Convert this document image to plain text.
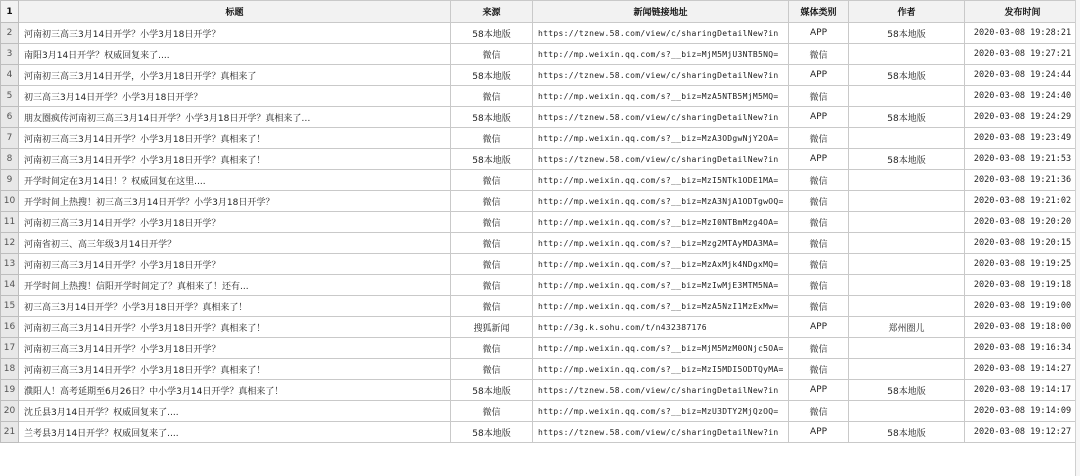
1	标题	来源	新闻链接地址	媒体类别	作者	发布时间
2	河南初三高三3月14日开学？小学3月18日开学？	58本地版	https://tznew.58.com/view/c/sharingDetailNew?in	APP	58本地版	2020-03-08 19:28:21
3	南阳3月14日开学？权威回复来了....	微信	http://mp.weixin.qq.com/s?__biz=MjM5MjU3NTB5NQ=	微信		2020-03-08 19:27:21
4	河南初三高三3月14日开学，小学3月18日开学？真相来了	58本地版	https://tznew.58.com/view/c/sharingDetailNew?in	APP	58本地版	2020-03-08 19:24:44
5	初三高三3月14日开学？小学3月18日开学？	微信	http://mp.weixin.qq.com/s?__biz=MzA5NTB5MjM5MQ=	微信		2020-03-08 19:24:40
6	朋友圈疯传河南初三高三3月14日开学？小学3月18日开学？真相来了…	58本地版	https://tznew.58.com/view/c/sharingDetailNew?in	APP	58本地版	2020-03-08 19:24:29
7	河南初三高三3月14日开学？小学3月18日开学？真相来了！	微信	http://mp.weixin.qq.com/s?__biz=MzA3ODgwNjY2OA=	微信		2020-03-08 19:23:49
8	河南初三高三3月14日开学？小学3月18日开学？真相来了！	58本地版	https://tznew.58.com/view/c/sharingDetailNew?in	APP	58本地版	2020-03-08 19:21:53
9	开学时间定在3月14日！？权威回复在这里....	微信	http://mp.weixin.qq.com/s?__biz=MzI5NTk1ODE1MA=	微信		2020-03-08 19:21:36
10	开学时间上热搜！初三高三3月14日开学？小学3月18日开学？	微信	http://mp.weixin.qq.com/s?__biz=MzA3NjA1ODTgwOQ=	微信		2020-03-08 19:21:02
11	河南初三高三3月14日开学？小学3月18日开学？	微信	http://mp.weixin.qq.com/s?__biz=MzI0NTBmMzg4OA=	微信		2020-03-08 19:20:20
12	河南省初三、高三年级3月14日开学？	微信	http://mp.weixin.qq.com/s?__biz=Mzg2MTAyMDA3MA=	微信		2020-03-08 19:20:15
13	河南初三高三3月14日开学？小学3月18日开学？	微信	http://mp.weixin.qq.com/s?__biz=MzAxMjk4NDgxMQ=	微信		2020-03-08 19:19:25
14	开学时间上热搜！信阳开学时间定了？真相来了！还有...	微信	http://mp.weixin.qq.com/s?__biz=MzIwMjE3MTM5NA=	微信		2020-03-08 19:19:18
15	初三高三3月14日开学？小学3月18日开学？真相来了！	微信	http://mp.weixin.qq.com/s?__biz=MzA5NzI1MzExMw=	微信		2020-03-08 19:19:00
16	河南初三高三3月14日开学？小学3月18日开学？真相来了！	搜狐新闻	http://3g.k.sohu.com/t/n432387176	APP	郑州圈儿	2020-03-08 19:18:00
17	河南初三高三3月14日开学？小学3月18日开学？	微信	http://mp.weixin.qq.com/s?__biz=MjM5MzM0ONjc5OA=	微信		2020-03-08 19:16:34
18	河南初三高三3月14日开学？小学3月18日开学？真相来了！	微信	http://mp.weixin.qq.com/s?__biz=MzI5MDI5ODTQyMA=	微信		2020-03-08 19:14:27
19	濮阳人！高考延期至6月26日？中小学3月14日开学？真相来了！	58本地版	https://tznew.58.com/view/c/sharingDetailNew?in	APP	58本地版	2020-03-08 19:14:17
20	沈丘县3月14日开学？权威回复来了....	微信	http://mp.weixin.qq.com/s?__biz=MzU3DTY2MjQzOQ=	微信		2020-03-08 19:14:09
21	兰考县3月14日开学？权威回复来了....	58本地版	https://tznew.58.com/view/c/sharingDetailNew?in	APP	58本地版	2020-03-08 19:12:27
